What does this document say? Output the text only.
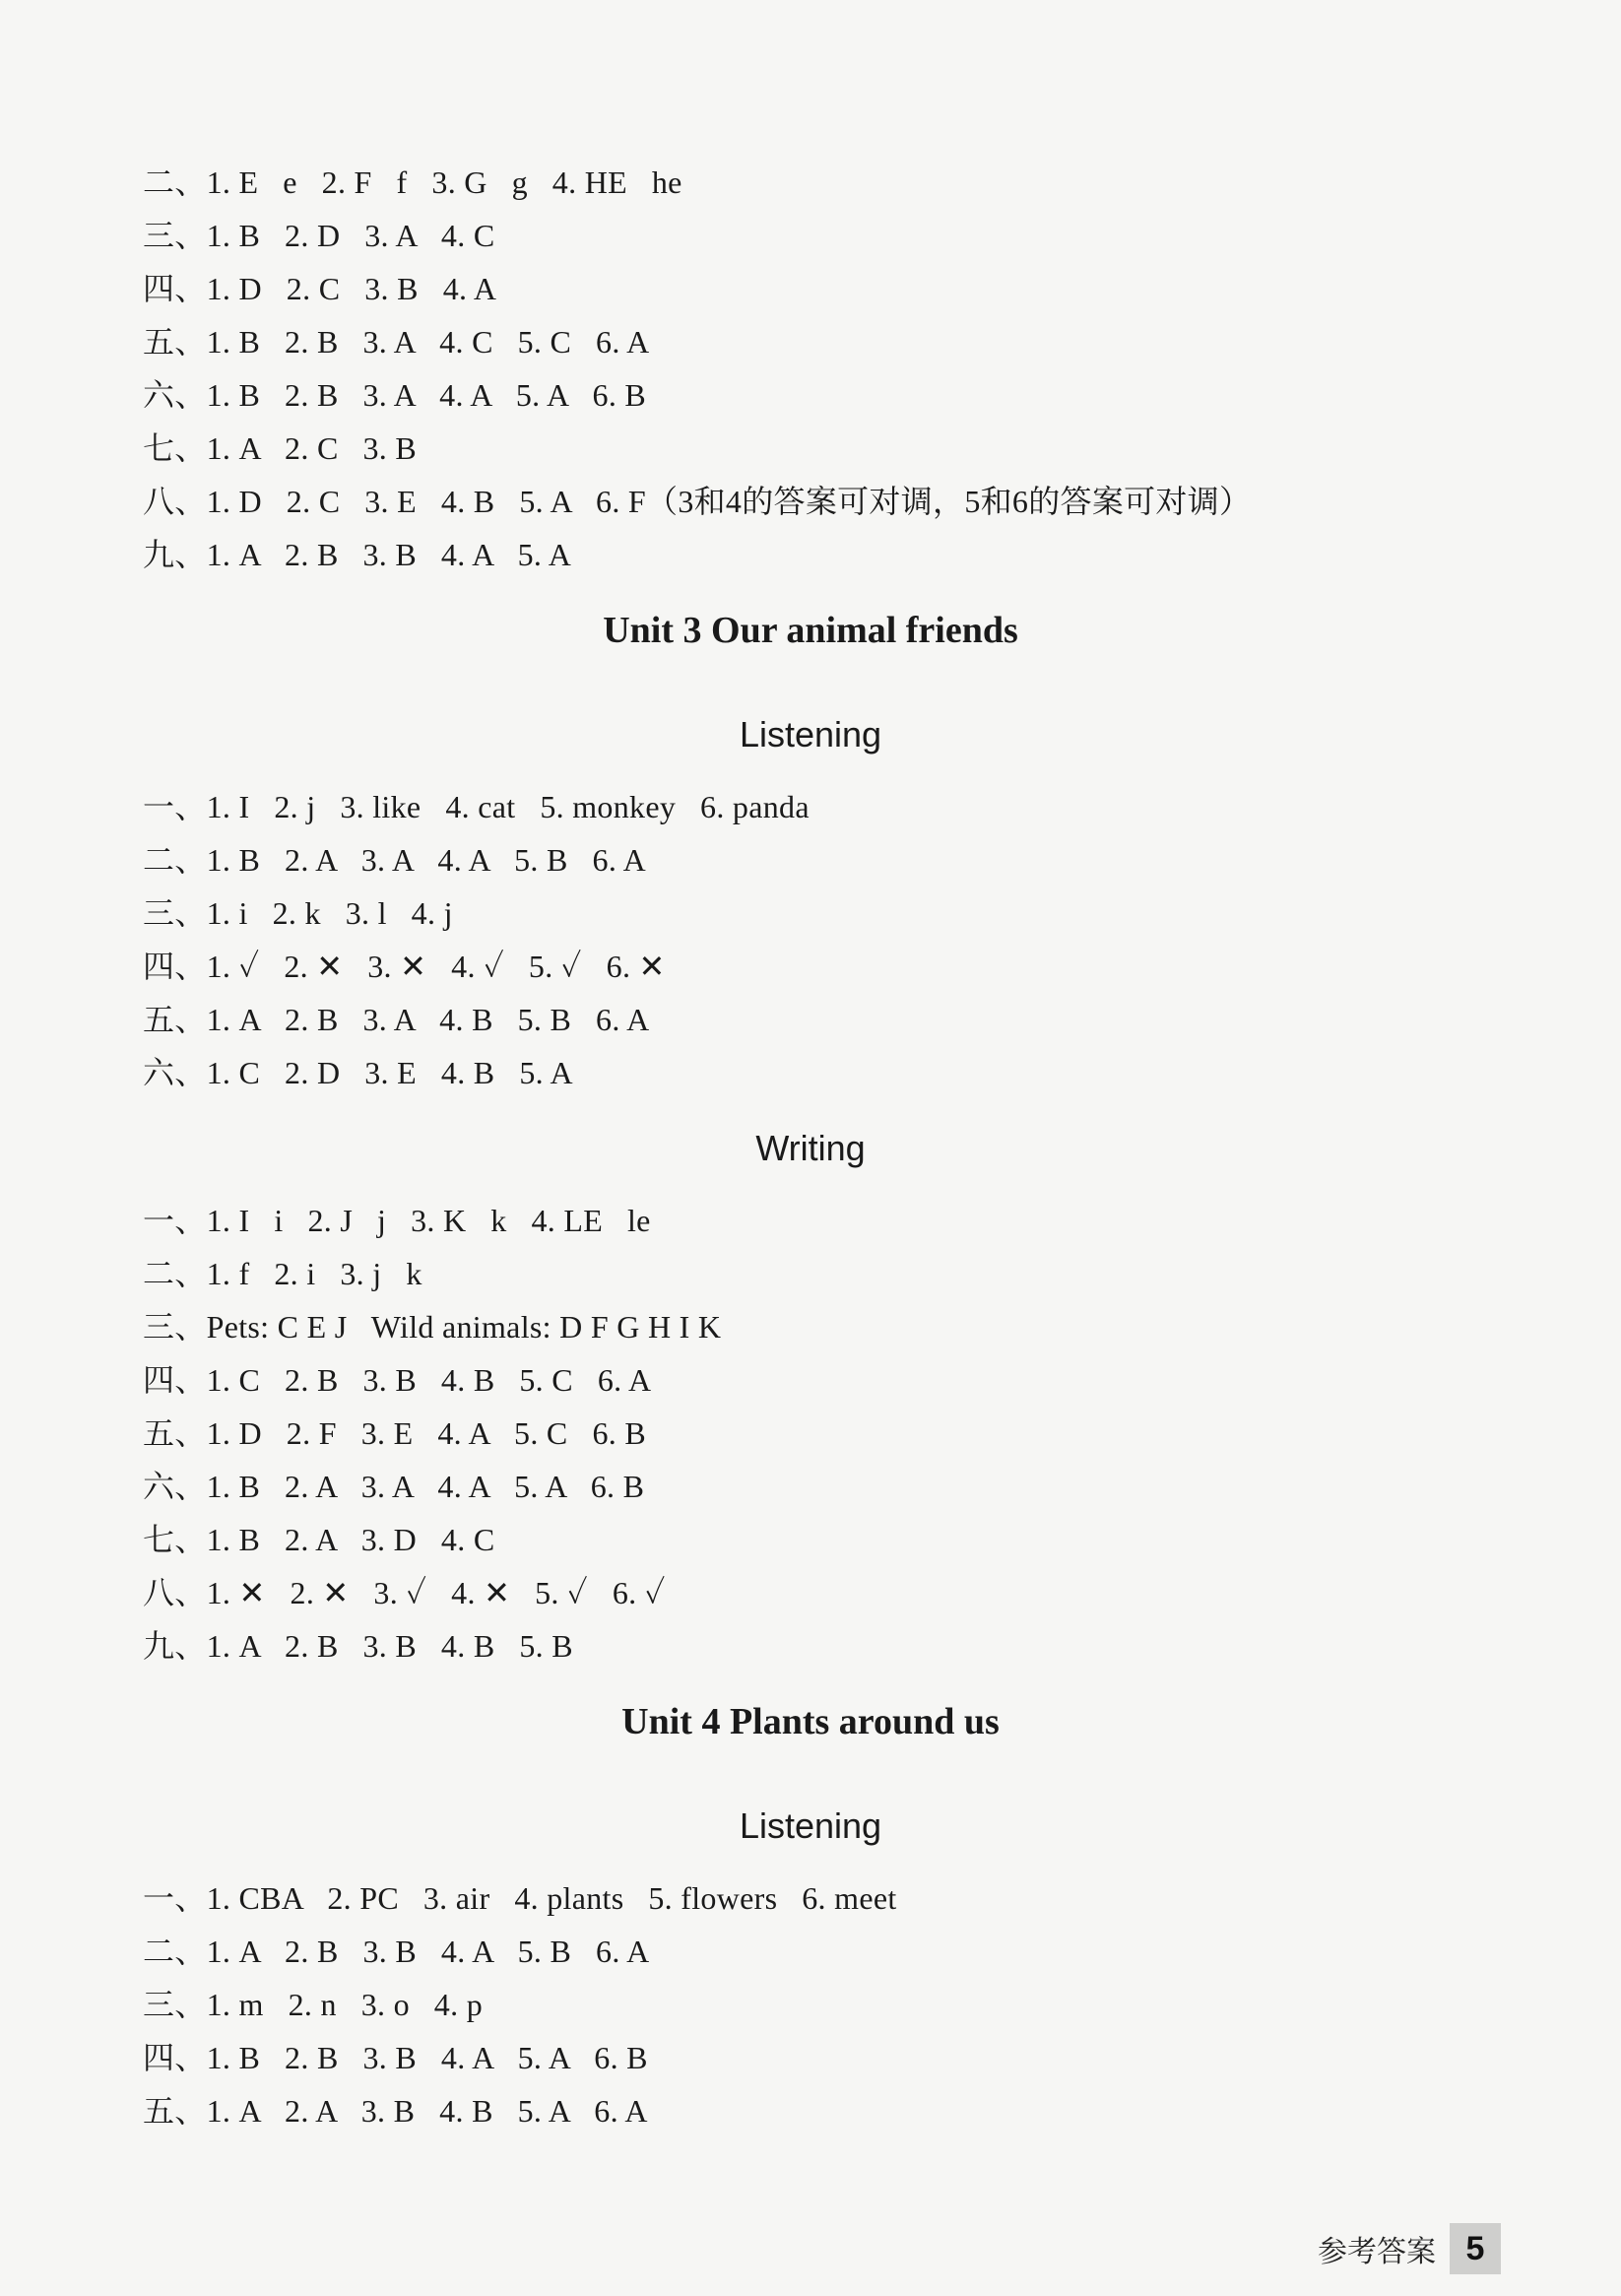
二、1. E   e   2. F   f   3. G   g   4. HE   he
三、1. B   2. D   3. A   4. C
四、1. D   2. C   3. B   4. A
五、1. B   2. B   3. A   4. C   5. C   6. A
六、1. B   2. B   3. A   4. A   5. A   6. B
七、1. A   2. C   3. B
八、1. D   2. C   3. E   4. B   5. A   6. F（3和4的答案可对调，5和6的答案可对调）
九、1. A   2. B   3. B   4. A   5. A
Unit 3 Our animal friends
Listening
一、1. I   2. j   3. like   4. cat   5. monkey   6. panda
二、1. B   2. A   3. A   4. A   5. B   6. A
三、1. i   2. k   3. l   4. j
四、1. ✓   2. ✕   3. ✕   4. ✓   5. ✓   6. ✕
五、1. A   2. B   3. A   4. B   5. B   6. A
六、1. C   2. D   3. E   4. B   5. A
Writing
一、1. I   i   2. J   j   3. K   k   4. LE   le
二、1. f   2. i   3. j   k
三、Pets: C E J   Wild animals: D F G H I K
四、1. C   2. B   3. B   4. B   5. C   6. A
五、1. D   2. F   3. E   4. A   5. C   6. B
六、1. B   2. A   3. A   4. A   5. A   6. B
七、1. B   2. A   3. D   4. C
八、1. ✕   2. ✕   3. ✓   4. ✕   5. ✓   6. ✓
九、1. A   2. B   3. B   4. B   5. B
Unit 4 Plants around us
Listening
一、1. CBA   2. PC   3. air   4. plants   5. flowers   6. meet
二、1. A   2. B   3. B   4. A   5. B   6. A
三、1. m   2. n   3. o   4. p
四、1. B   2. B   3. B   4. A   5. A   6. B
五、1. A   2. A   3. B   4. B   5. A   6. A
参考答案 5
